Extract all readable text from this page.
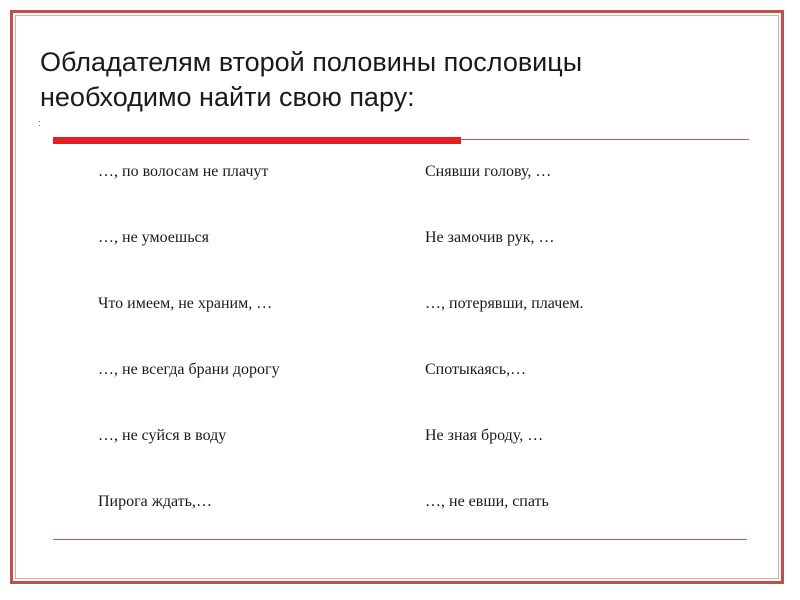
Обладателям второй половины пословицы
необходимо найти свою пару:
:
…, по волосам не плачут	Снявши голову, …
…, не умоешься	Не замочив рук, …
Что имеем, не храним, …	…, потерявши, плачем.
…, не всегда брани дорогу	Спотыкаясь,…
…, не суйся в воду	Не зная броду, …
Пирога ждать,…	…, не евши, спать
